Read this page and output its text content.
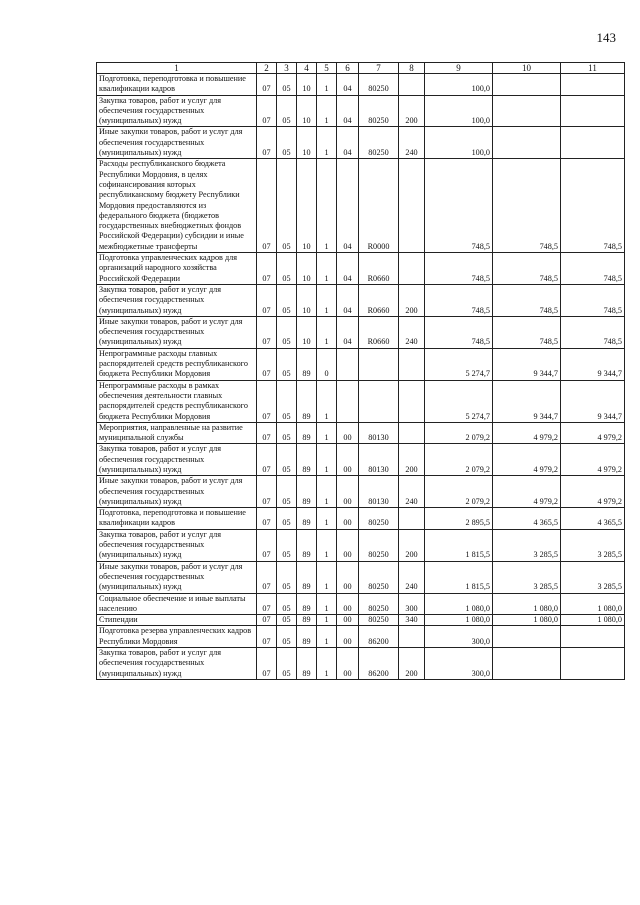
143
1	2	3	4	5	6	7	8	9	10	11
Подготовка, переподготовка и повышение квалификации кадров	07	05	10	1	04	80250		100,0		
Закупка товаров, работ и услуг для обеспечения государственных (муниципальных) нужд	07	05	10	1	04	80250	200	100,0		
Иные закупки товаров, работ и услуг для обеспечения государственных (муниципальных) нужд	07	05	10	1	04	80250	240	100,0		
Расходы республиканского бюджета Республики Мордовия, в целях софинансирования которых республиканскому бюджету Республики Мордовия предоставляются из федерального бюджета (бюджетов государственных внебюджетных фондов Российской Федерации) субсидии и иные межбюджетные трансферты	07	05	10	1	04	R0000		748,5	748,5	748,5
Подготовка управленческих кадров для организаций народного хозяйства Российской Федерации	07	05	10	1	04	R0660		748,5	748,5	748,5
Закупка товаров, работ и услуг для обеспечения государственных (муниципальных) нужд	07	05	10	1	04	R0660	200	748,5	748,5	748,5
Иные закупки товаров, работ и услуг для обеспечения государственных (муниципальных) нужд	07	05	10	1	04	R0660	240	748,5	748,5	748,5
Непрограммные расходы главных распорядителей средств республиканского бюджета Республики Мордовия	07	05	89	0				5 274,7	9 344,7	9 344,7
Непрограммные расходы в рамках обеспечения деятельности главных распорядителей средств республиканского бюджета Республики Мордовия	07	05	89	1				5 274,7	9 344,7	9 344,7
Мероприятия, направленные на развитие муниципальной службы	07	05	89	1	00	80130		2 079,2	4 979,2	4 979,2
Закупка товаров, работ и услуг для обеспечения государственных (муниципальных) нужд	07	05	89	1	00	80130	200	2 079,2	4 979,2	4 979,2
Иные закупки товаров, работ и услуг для обеспечения государственных (муниципальных) нужд	07	05	89	1	00	80130	240	2 079,2	4 979,2	4 979,2
Подготовка, переподготовка и повышение квалификации кадров	07	05	89	1	00	80250		2 895,5	4 365,5	4 365,5
Закупка товаров, работ и услуг для обеспечения государственных (муниципальных) нужд	07	05	89	1	00	80250	200	1 815,5	3 285,5	3 285,5
Иные закупки товаров, работ и услуг для обеспечения государственных (муниципальных) нужд	07	05	89	1	00	80250	240	1 815,5	3 285,5	3 285,5
Социальное обеспечение и иные выплаты населению	07	05	89	1	00	80250	300	1 080,0	1 080,0	1 080,0
Стипендии	07	05	89	1	00	80250	340	1 080,0	1 080,0	1 080,0
Подготовка резерва управленческих кадров Республики Мордовия	07	05	89	1	00	86200		300,0		
Закупка товаров, работ и услуг для обеспечения государственных (муниципальных) нужд	07	05	89	1	00	86200	200	300,0		
